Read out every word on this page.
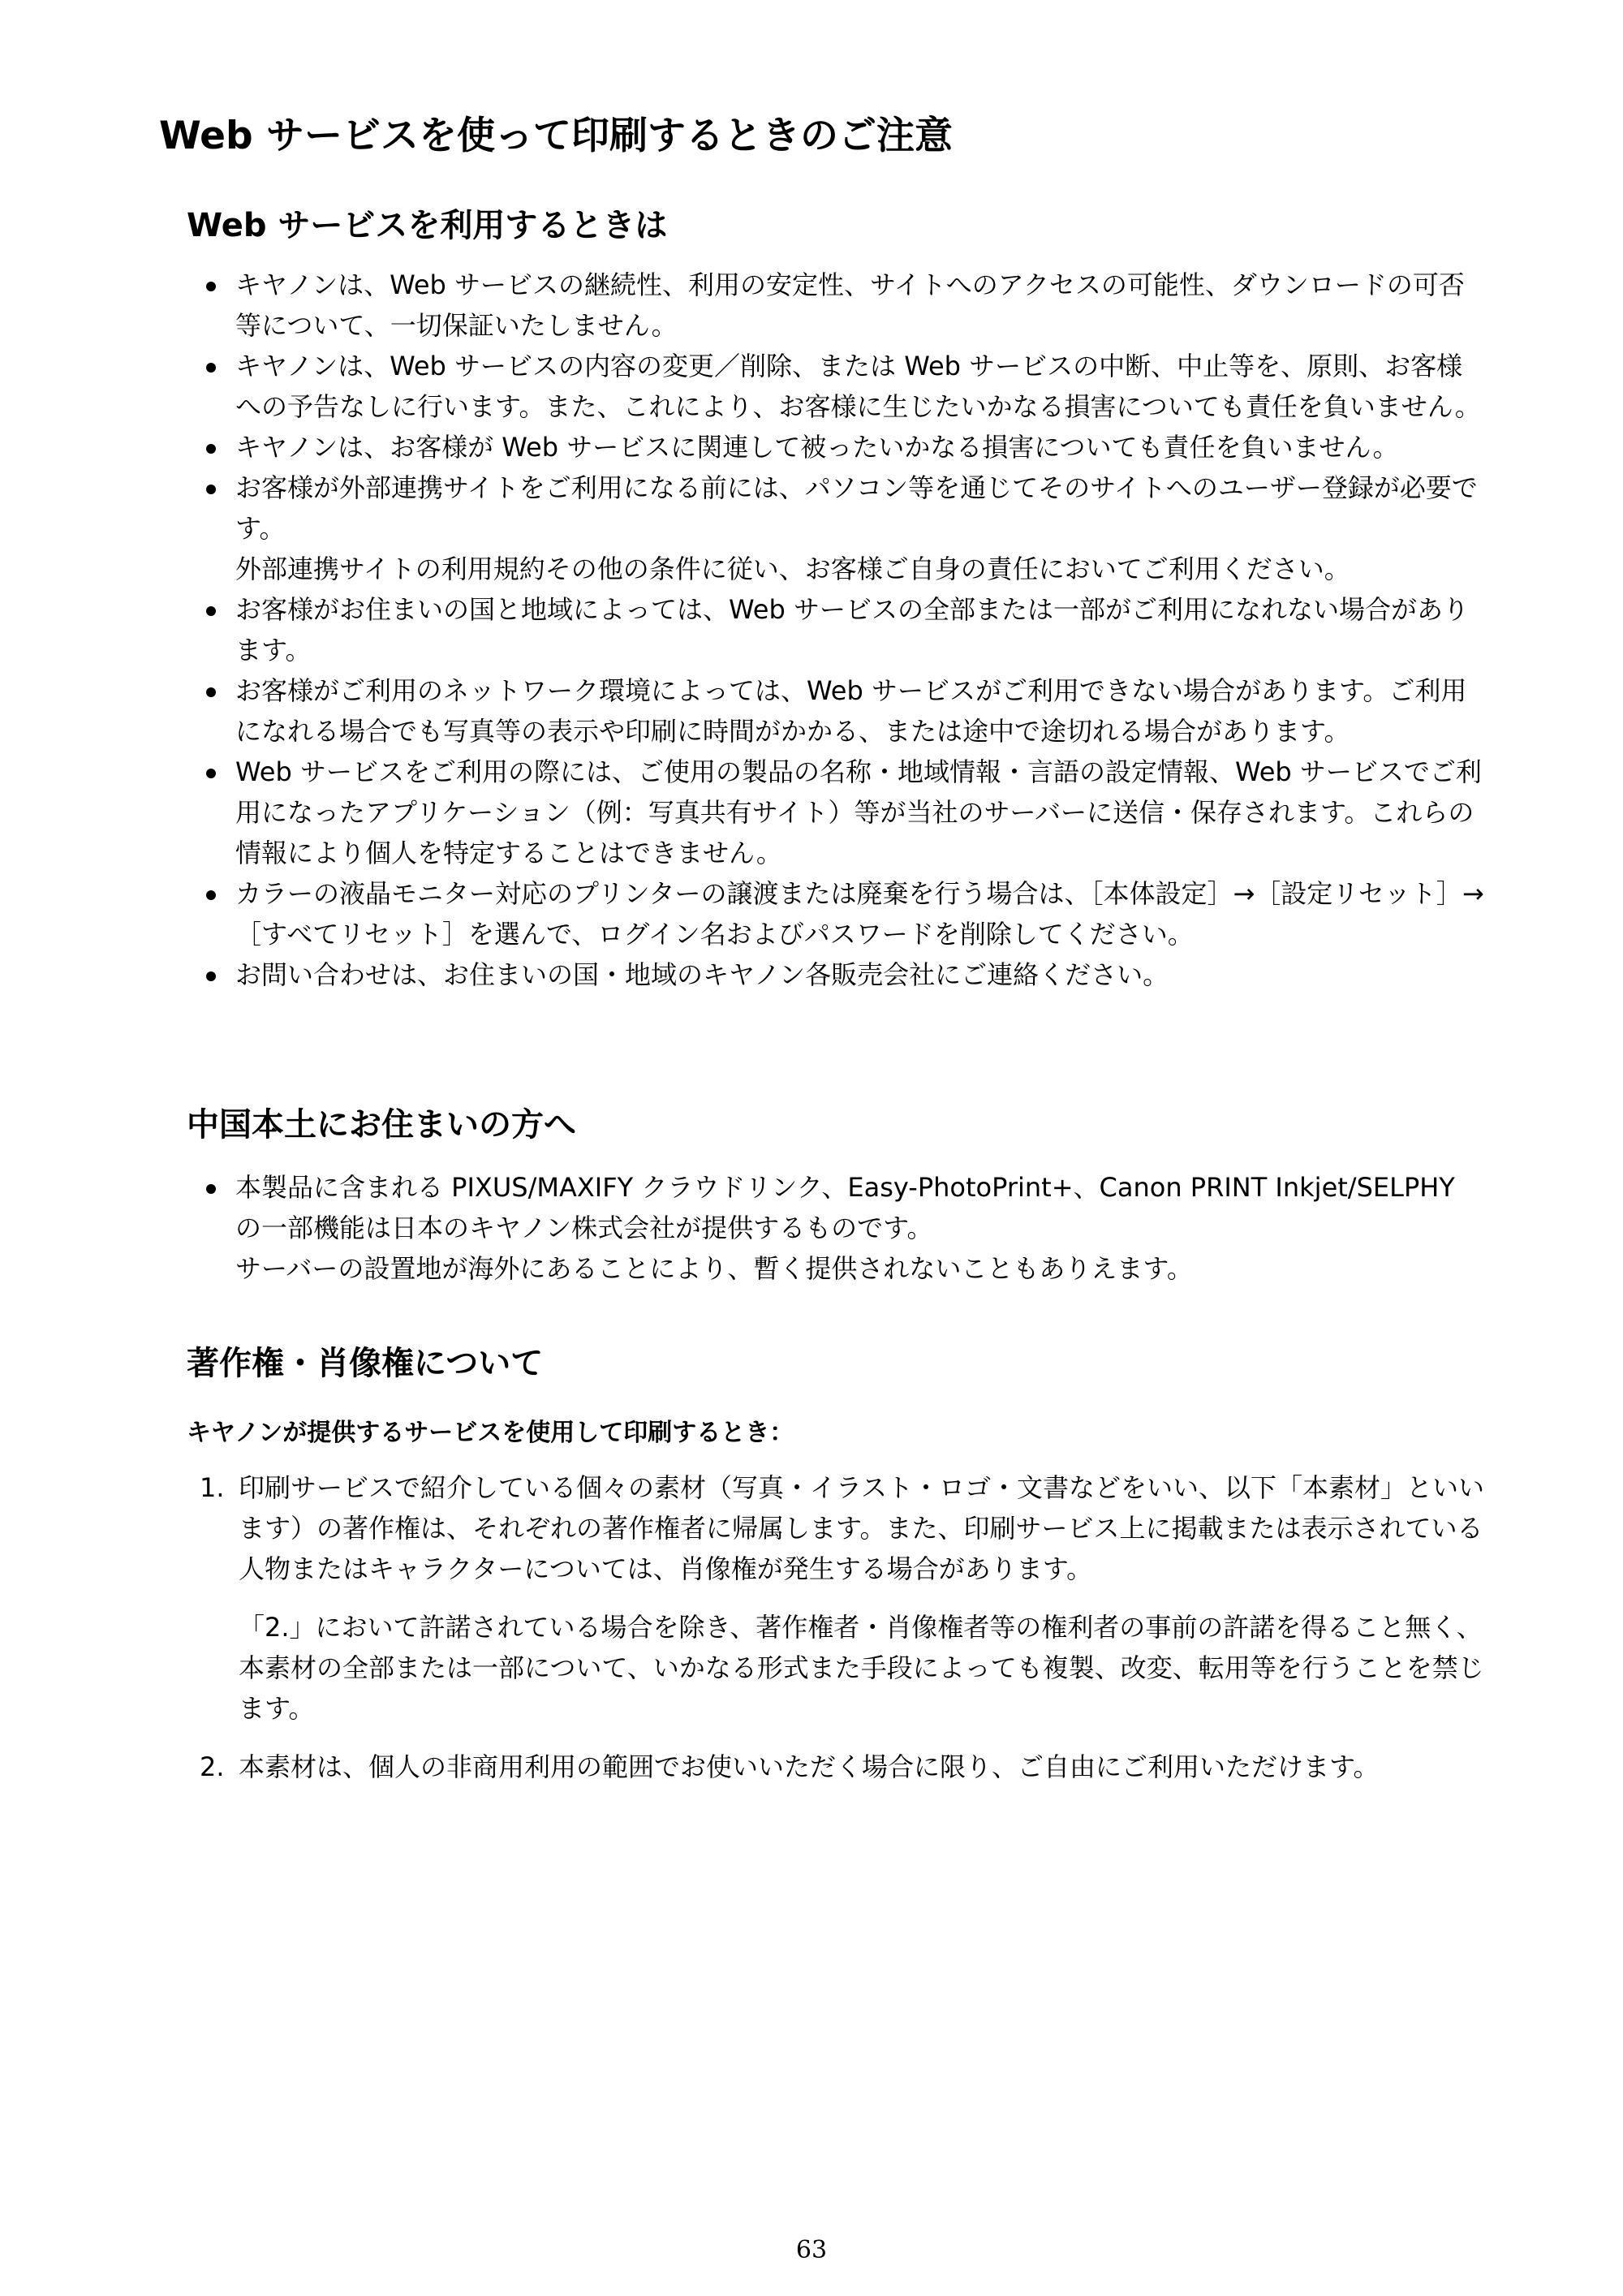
Web サービスを使って印刷するときのご注意
Web サービスを利用するときは

キヤノンは、Web サービスの継続性、利用の安定性、サイトへのアクセスの可能性、ダウンロードの可否等について、一切保証いたしません。

キヤノンは、Web サービスの内容の変更／削除、または Web サービスの中断、中止等を、原則、お客様への予告なしに行います。また、これにより、お客様に生じたいかなる損害についても責任を負いません。

キヤノンは、お客様が Web サービスに関連して被ったいかなる損害についても責任を負いません。

お客様が外部連携サイトをご利用になる前には、パソコン等を通じてそのサイトへのユーザー登録が必要です。

外部連携サイトの利用規約その他の条件に従い、お客様ご自身の責任においてご利用ください。

お客様がお住まいの国と地域によっては、Web サービスの全部または一部がご利用になれない場合があります。

お客様がご利用のネットワーク環境によっては、Web サービスがご利用できない場合があります。ご利用になれる場合でも写真等の表示や印刷に時間がかかる、または途中で途切れる場合があります。

Web サービスをご利用の際には、ご使用の製品の名称・地域情報・言語の設定情報、Web サービスでご利用になったアプリケーション（例：写真共有サイト）等が当社のサーバーに送信・保存されます。これらの情報により個人を特定することはできません。

カラーの液晶モニター対応のプリンターの譲渡または廃棄を行う場合は、［本体設定］→［設定リセット］→［すべてリセット］を選んで、ログイン名およびパスワードを削除してください。

お問い合わせは、お住まいの国・地域のキヤノン各販売会社にご連絡ください。

中国本土にお住まいの方へ

本製品に含まれる PIXUS/MAXIFY クラウドリンク、Easy-PhotoPrint+、Canon PRINT Inkjet/SELPHY の一部機能は日本のキヤノン株式会社が提供するものです。

サーバーの設置地が海外にあることにより、暫く提供されないこともありえます。

著作権・肖像権について
キヤノンが提供するサービスを使用して印刷するとき：
1. 印刷サービスで紹介している個々の素材（写真・イラスト・ロゴ・文書などをいい、以下「本素材」といいます）の著作権は、それぞれの著作権者に帰属します。また、印刷サービス上に掲載または表示されている人物またはキャラクターについては、肖像権が発生する場合があります。

「2.」において許諾されている場合を除き、著作権者・肖像権者等の権利者の事前の許諾を得ること無く、本素材の全部または一部について、いかなる形式また手段によっても複製、改変、転用等を行うことを禁じます。

2. 本素材は、個人の非商用利用の範囲でお使いいただく場合に限り、ご自由にご利用いただけます。

63
